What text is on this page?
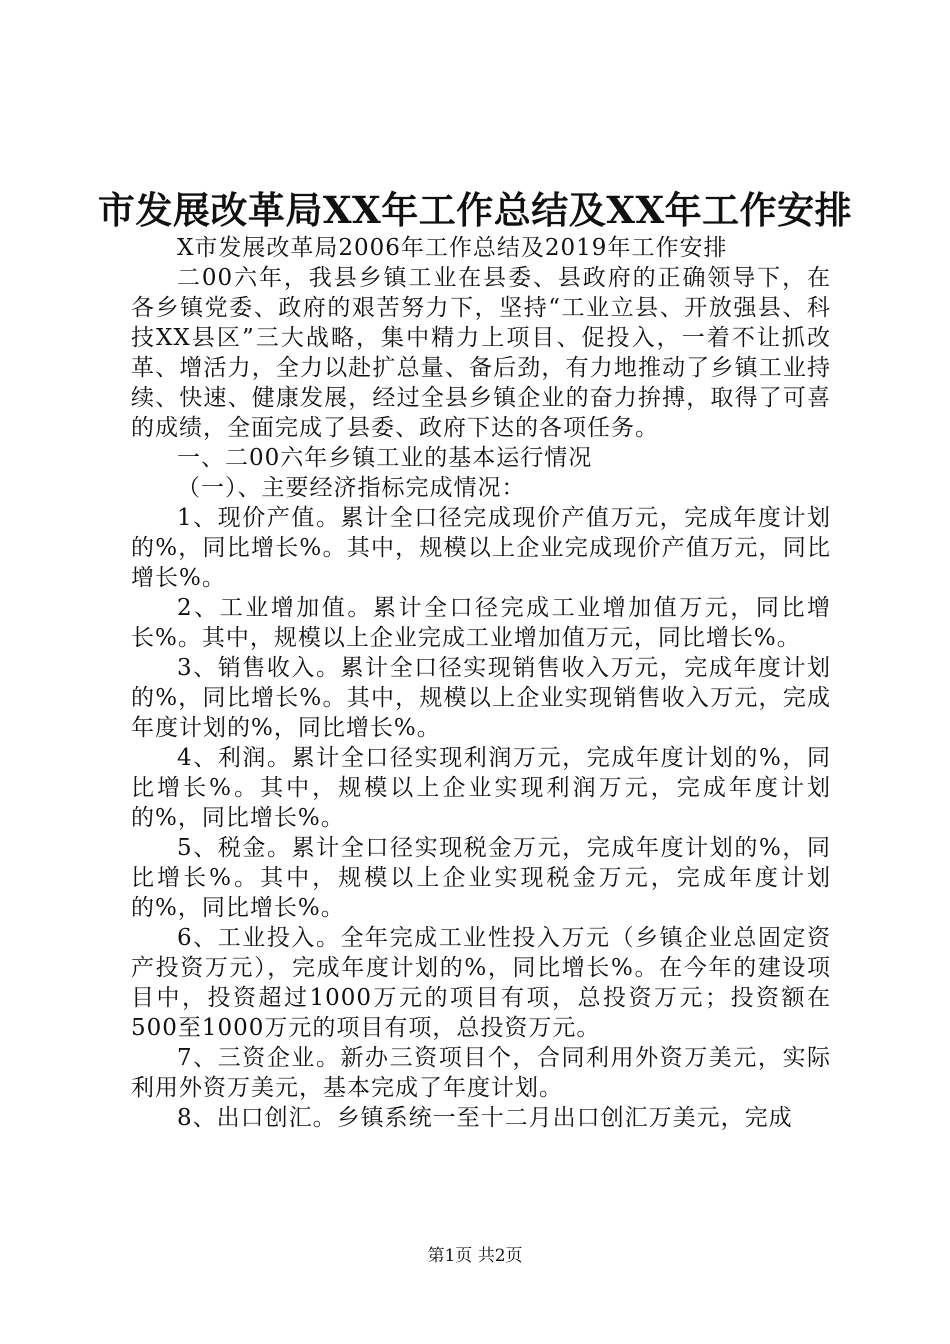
市发展改革局XX年工作总结及XX年工作安排

X市发展改革局2006年工作总结及2019年工作安排

二00六年，我县乡镇工业在县委、县政府的正确领导下，在各乡镇党委、政府的艰苦努力下，坚持“工业立县、开放强县、科技XX县区”三大战略，集中精力上项目、促投入，一着不让抓改革、增活力，全力以赴扩总量、备后劲，有力地推动了乡镇工业持续、快速、健康发展，经过全县乡镇企业的奋力拚搏，取得了可喜的成绩，全面完成了县委、政府下达的各项任务。

一、二00六年乡镇工业的基本运行情况

（一）、主要经济指标完成情况：

1、现价产值。累计全口径完成现价产值万元，完成年度计划的%，同比增长%。其中，规模以上企业完成现价产值万元，同比增长%。

2、工业增加值。累计全口径完成工业增加值万元，同比增长%。其中，规模以上企业完成工业增加值万元，同比增长%。

3、销售收入。累计全口径实现销售收入万元，完成年度计划的%，同比增长%。其中，规模以上企业实现销售收入万元，完成年度计划的%，同比增长%。

4、利润。累计全口径实现利润万元，完成年度计划的%，同比增长%。其中，规模以上企业实现利润万元，完成年度计划的%，同比增长%。

5、税金。累计全口径实现税金万元，完成年度计划的%，同比增长%。其中，规模以上企业实现税金万元，完成年度计划的%，同比增长%。

6、工业投入。全年完成工业性投入万元（乡镇企业总固定资产投资万元），完成年度计划的%，同比增长%。在今年的建设项目中，投资超过1000万元的项目有项，总投资万元；投资额在500至1000万元的项目有项，总投资万元。

7、三资企业。新办三资项目个，合同利用外资万美元，实际利用外资万美元，基本完成了年度计划。

8、出口创汇。乡镇系统一至十二月出口创汇万美元，完成

第1页 共2页
